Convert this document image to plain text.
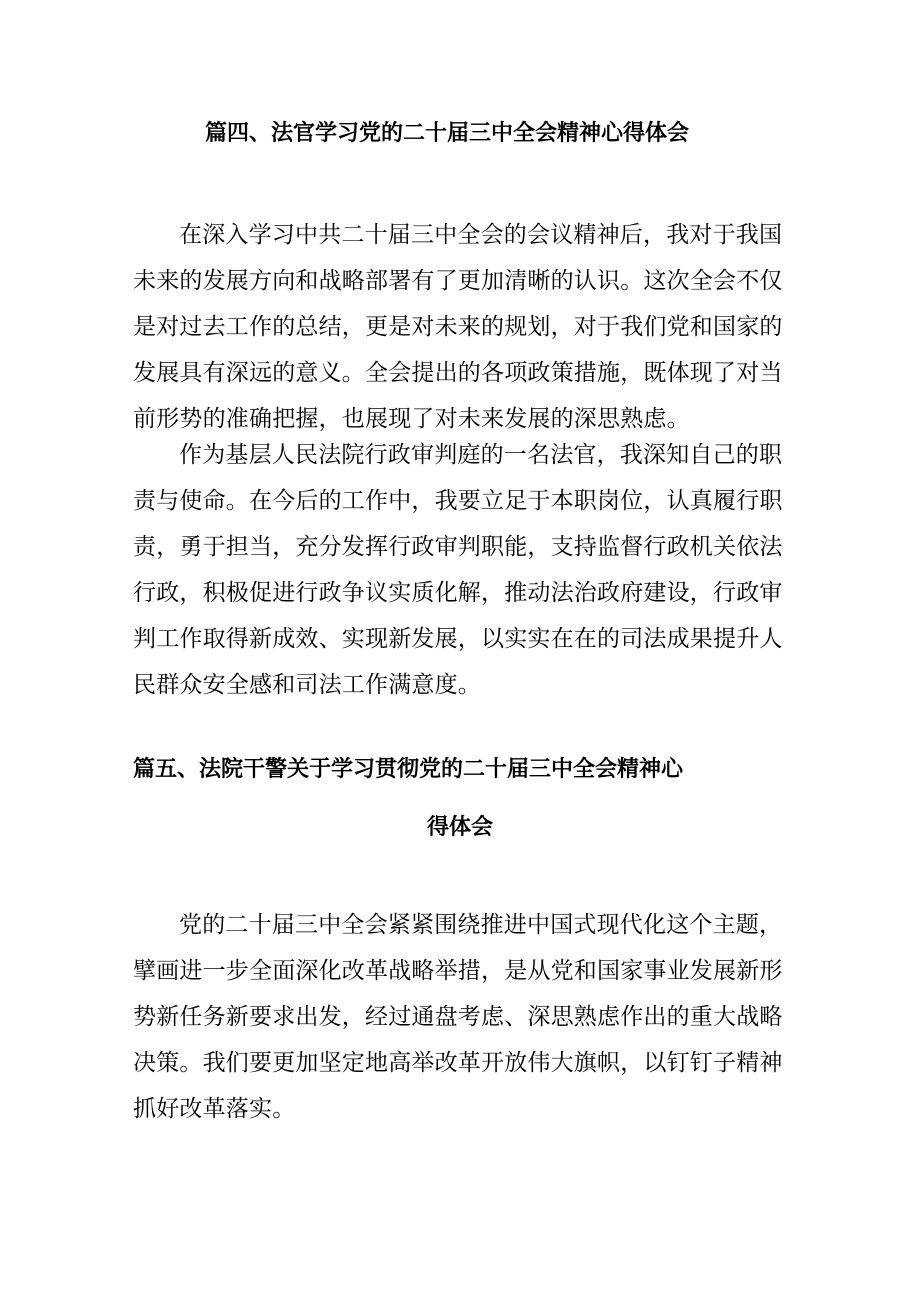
篇四、法官学习党的二十届三中全会精神心得体会
在深入学习中共二十届三中全会的会议精神后，我对于我国
未来的发展方向和战略部署有了更加清晰的认识。这次全会不仅
是对过去工作的总结，更是对未来的规划，对于我们党和国家的
发展具有深远的意义。全会提出的各项政策措施，既体现了对当
前形势的准确把握，也展现了对未来发展的深思熟虑。
作为基层人民法院行政审判庭的一名法官，我深知自己的职
责与使命。在今后的工作中，我要立足于本职岗位，认真履行职
责，勇于担当，充分发挥行政审判职能，支持监督行政机关依法
行政，积极促进行政争议实质化解，推动法治政府建设，行政审
判工作取得新成效、实现新发展，以实实在在的司法成果提升人
民群众安全感和司法工作满意度。
篇五、法院干警关于学习贯彻党的二十届三中全会精神心
得体会
党的二十届三中全会紧紧围绕推进中国式现代化这个主题，
擘画进一步全面深化改革战略举措，是从党和国家事业发展新形
势新任务新要求出发，经过通盘考虑、深思熟虑作出的重大战略
决策。我们要更加坚定地高举改革开放伟大旗帜，以钉钉子精神
抓好改革落实。
